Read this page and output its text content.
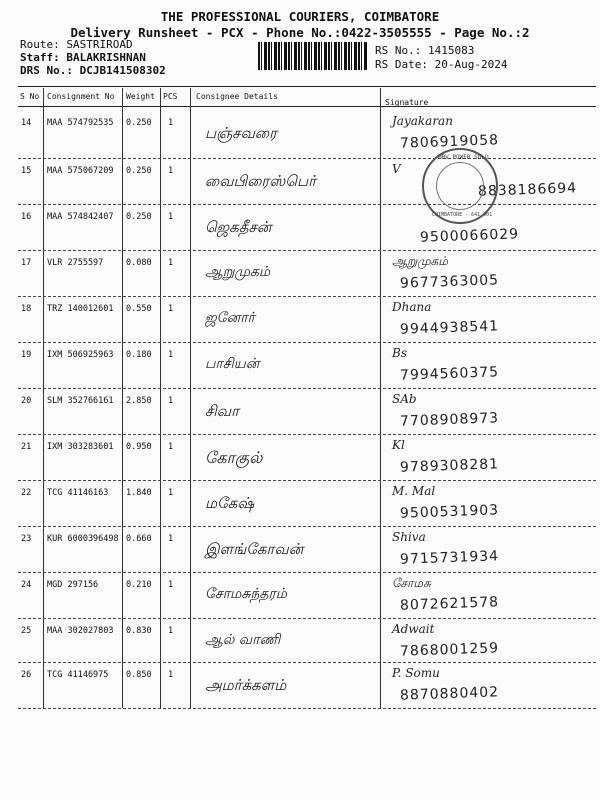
THE PROFESSIONAL COURIERS, COIMBATORE
Delivery Runsheet - PCX - Phone No.:0422-3505555 - Page No.:2
Route: SASTRIROAD
Staff: BALAKRISHNAN
DRS No.: DCJB141508302
RS No.: 1415083
RS Date: 20-Aug-2024
S No Consignment No Weight PCS Consignee Details
Signature
14 MAA 574792535 0.250 1
பஞ்சவரை
Jayakaran
7806919058
15 MAA 575067209 0.250 1
வைபிரைஸ்பெர்
V
8838186694
16 MAA 574842407 0.250 1
ஜெகதீசன்	9500066029
17 VLR 2755597	0.080 1
ஆறுமுகம்
ஆறுமுகம்
9677363005
18 TRZ 140012601 0.550 1
ஜனோர்
Dhana
9944938541
19 IXM 506925963 0.180 1
பாசியன்
Bs
7994560375
20 SLM 352766161 2.850 1
சிவா
SAb
7708908973
21 IXM 303283601 0.950 1
கோகுல்
Kl
9789308281
22 TCG 41146163 1.840 1
மகேஷ்
M. Mal
9500531903
23 KUR 6000396498 0.660 1
இளங்கோவன்
Shiva
9715731934
24 MGD 297156	0.210 1
சோமசுந்தரம்
சோமசு
8072621578
25 MAA 302027803 0.830 1
ஆல் வாணி
Adwait
7868001259
26 TCG 41146975 0.850 1
அமர்க்களம்
P. Somu
8870880402
MRV POWER SOLU
COIMBATORE - 641 001
